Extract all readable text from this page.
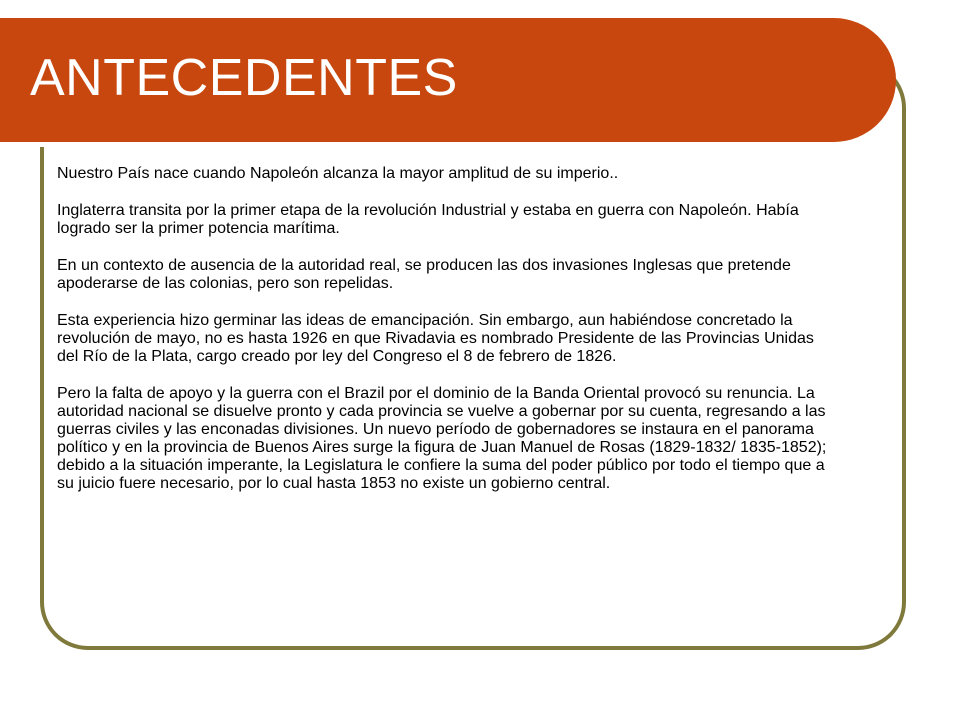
ANTECEDENTES

Nuestro País nace cuando Napoleón alcanza la mayor amplitud de su imperio..

Inglaterra transita por la primer etapa de la revolución Industrial y estaba en guerra con Napoleón. Había logrado ser la primer potencia marítima.

En un contexto de ausencia de la autoridad real, se producen las dos invasiones Inglesas que pretende apoderarse de las colonias, pero son repelidas.

Esta experiencia hizo germinar las ideas de emancipación. Sin embargo, aun habiéndose concretado la revolución de mayo, no es hasta 1926 en que Rivadavia es nombrado Presidente de las Provincias Unidas del Río de la Plata, cargo creado por ley del Congreso el 8 de febrero de 1826.

Pero la falta de apoyo y la guerra con el Brazil por el dominio de la Banda Oriental provocó su renuncia. La autoridad nacional se disuelve pronto y cada provincia se vuelve a gobernar por su cuenta, regresando a las guerras civiles y las enconadas divisiones. Un nuevo período de gobernadores se instaura en el panorama político y en la provincia de Buenos Aires surge la figura de Juan Manuel de Rosas (1829-1832/ 1835-1852); debido a la situación imperante, la Legislatura le confiere la suma del poder público por todo el tiempo que a su juicio fuere necesario, por lo cual hasta 1853 no existe un gobierno central.
